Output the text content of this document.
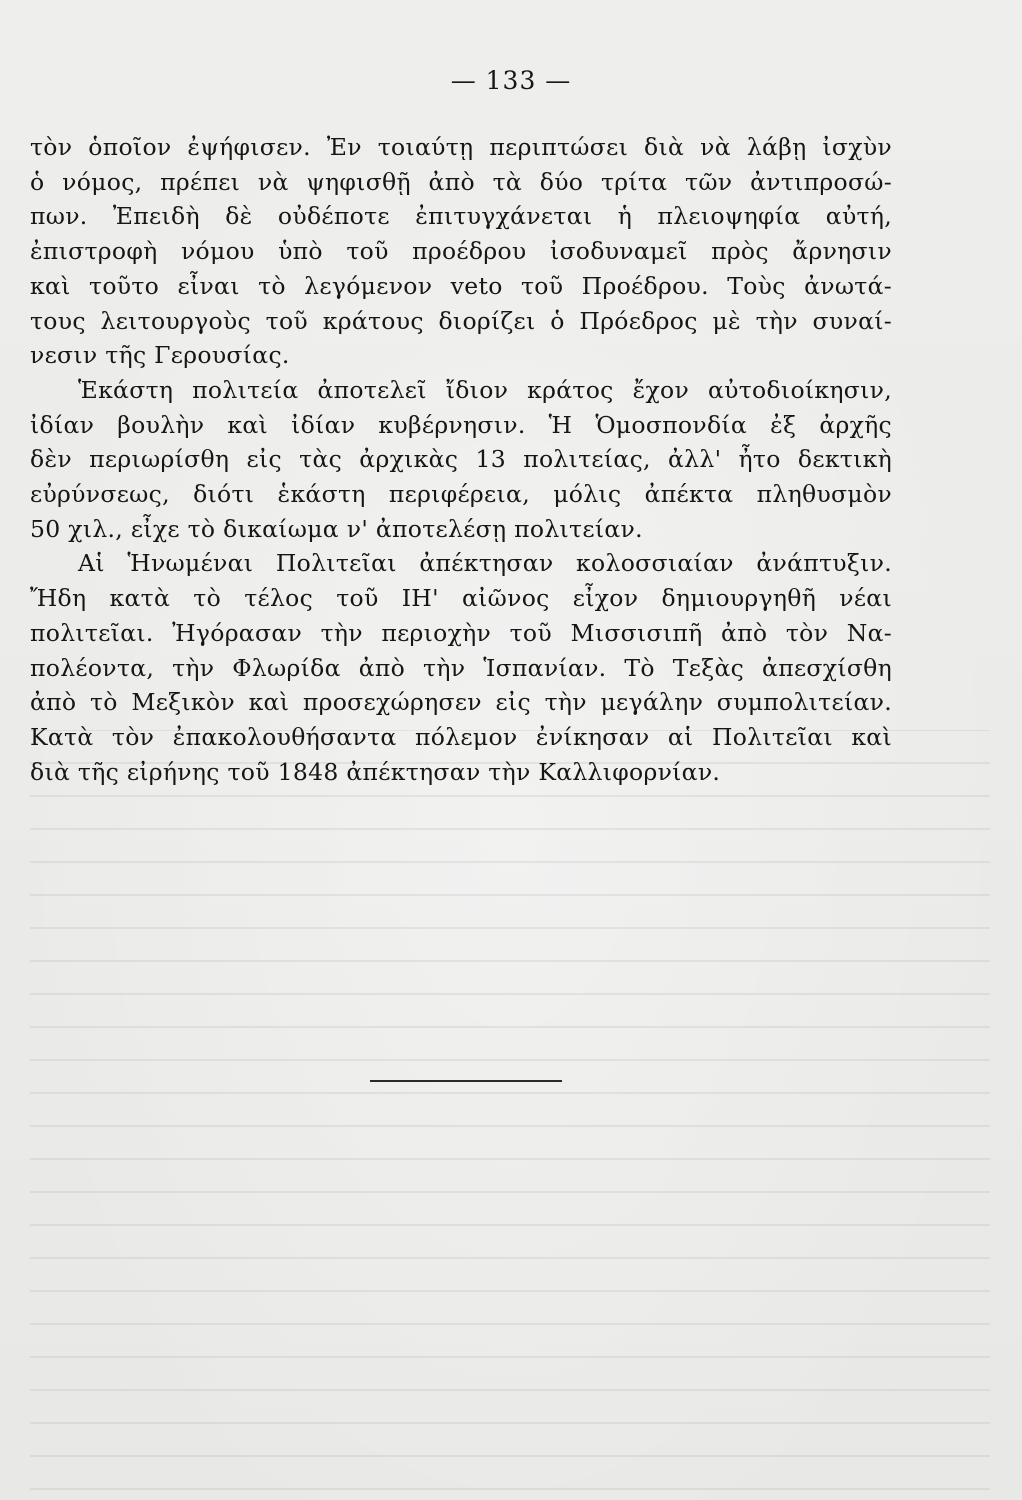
— 133 —

τὸν ὁποῖον ἐψήφισεν. Ἐν τοιαύτῃ περιπτώσει διὰ νὰ λάβῃ ἰσχὺν
ὁ νόμος, πρέπει νὰ ψηφισθῇ ἀπὸ τὰ δύο τρίτα τῶν ἀντιπροσώ-
πων. Ἐπειδὴ δὲ οὐδέποτε ἐπιτυγχάνεται ἡ πλειοψηφία αὐτή,
ἐπιστροφὴ νόμου ὑπὸ τοῦ προέδρου ἰσοδυναμεῖ πρὸς ἄρνησιν
καὶ τοῦτο εἶναι τὸ λεγόμενον veto τοῦ Προέδρου. Τοὺς ἀνωτά-
τους λειτουργοὺς τοῦ κράτους διορίζει ὁ Πρόεδρος μὲ τὴν συναί-
νεσιν τῆς Γερουσίας.

Ἑκάστη πολιτεία ἀποτελεῖ ἴδιον κράτος ἔχον αὐτοδιοίκησιν,
ἰδίαν βουλὴν καὶ ἰδίαν κυβέρνησιν. Ἡ Ὁμοσπονδία ἐξ ἀρχῆς
δὲν περιωρίσθη εἰς τὰς ἀρχικὰς 13 πολιτείας, ἀλλ' ἦτο δεκτικὴ
εὐρύνσεως, διότι ἑκάστη περιφέρεια, μόλις ἀπέκτα πληθυσμὸν
50 χιλ., εἶχε τὸ δικαίωμα ν' ἀποτελέσῃ πολιτείαν.

Αἱ Ἡνωμέναι Πολιτεῖαι ἀπέκτησαν κολοσσιαίαν ἀνάπτυξιν.
Ἤδη κατὰ τὸ τέλος τοῦ ΙΗ' αἰῶνος εἶχον δημιουργηθῆ νέαι
πολιτεῖαι. Ἠγόρασαν τὴν περιοχὴν τοῦ Μισσισιπῆ ἀπὸ τὸν Να-
πολέοντα, τὴν Φλωρίδα ἀπὸ τὴν Ἱσπανίαν. Τὸ Τεξὰς ἀπεσχίσθη
ἀπὸ τὸ Μεξικὸν καὶ προσεχώρησεν εἰς τὴν μεγάλην συμπολιτείαν.
Κατὰ τὸν ἐπακολουθήσαντα πόλεμον ἐνίκησαν αἱ Πολιτεῖαι καὶ
διὰ τῆς εἰρήνης τοῦ 1848 ἀπέκτησαν τὴν Καλλιφορνίαν.
